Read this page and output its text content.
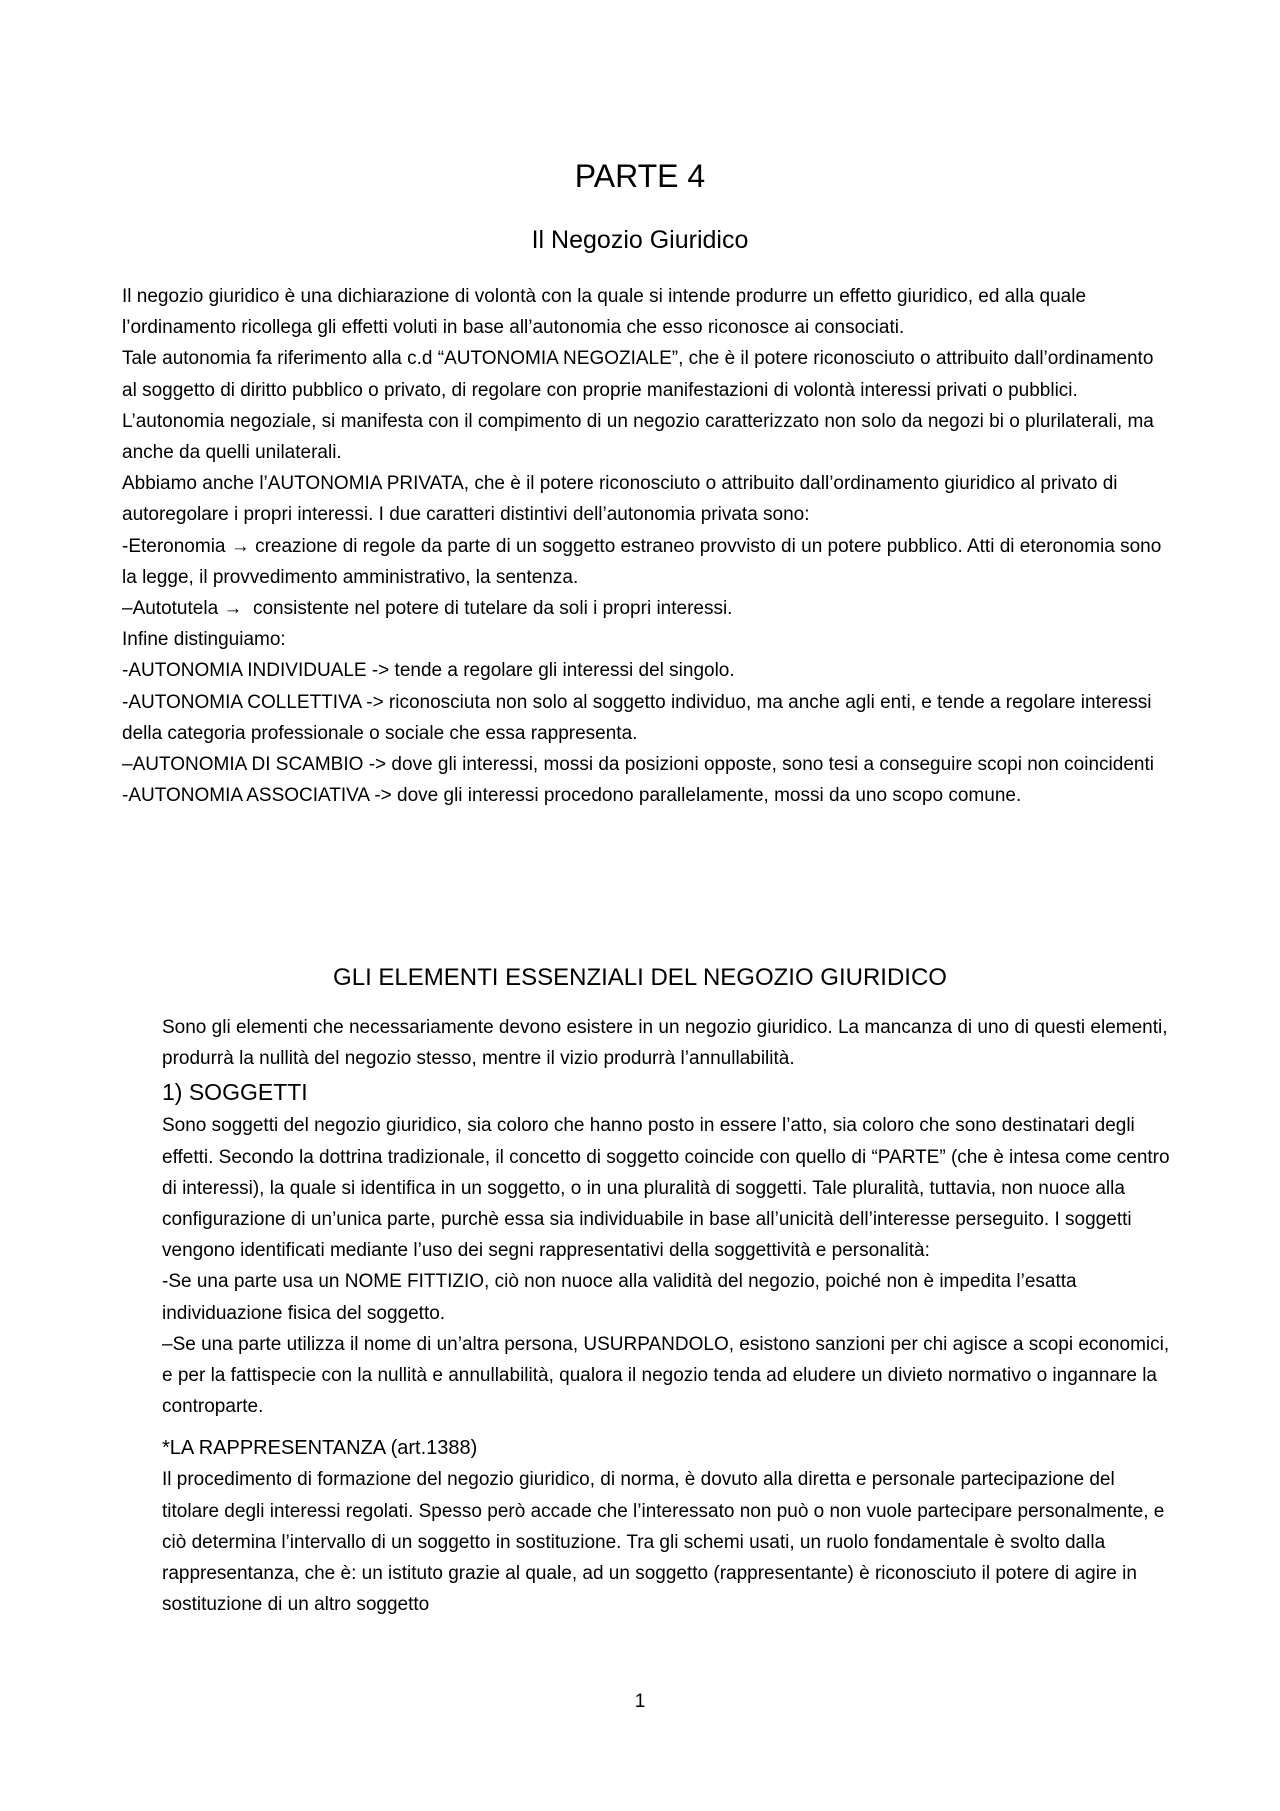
PARTE 4
Il Negozio Giuridico

Il negozio giuridico è una dichiarazione di volontà con la quale si intende produrre un effetto giuridico, ed alla quale l’ordinamento ricollega gli effetti voluti in base all’autonomia che esso riconosce ai consociati.

Tale autonomia fa riferimento alla c.d “AUTONOMIA NEGOZIALE”, che è il potere riconosciuto o attribuito dall’ordinamento al soggetto di diritto pubblico o privato, di regolare con proprie manifestazioni di volontà interessi privati o pubblici. L’autonomia negoziale, si manifesta con il compimento di un negozio caratterizzato non solo da negozi bi o plurilaterali, ma anche da quelli unilaterali.

Abbiamo anche l’AUTONOMIA PRIVATA, che è il potere riconosciuto o attribuito dall’ordinamento giuridico al privato di autoregolare i propri interessi. I due caratteri distintivi dell’autonomia privata sono:

-Eteronomia → creazione di regole da parte di un soggetto estraneo provvisto di un potere pubblico. Atti di eteronomia sono la legge, il provvedimento amministrativo, la sentenza.

–Autotutela → consistente nel potere di tutelare da soli i propri interessi.

Infine distinguiamo:

-AUTONOMIA INDIVIDUALE -> tende a regolare gli interessi del singolo.

-AUTONOMIA COLLETTIVA -> riconosciuta non solo al soggetto individuo, ma anche agli enti, e tende a regolare interessi della categoria professionale o sociale che essa rappresenta.

–AUTONOMIA DI SCAMBIO -> dove gli interessi, mossi da posizioni opposte, sono tesi a conseguire scopi non coincidenti

-AUTONOMIA ASSOCIATIVA -> dove gli interessi procedono parallelamente, mossi da uno scopo comune.

GLI ELEMENTI ESSENZIALI DEL NEGOZIO GIURIDICO

Sono gli elementi che necessariamente devono esistere in un negozio giuridico. La mancanza di uno di questi elementi, produrrà la nullità del negozio stesso, mentre il vizio produrrà l’annullabilità.

1) SOGGETTI

Sono soggetti del negozio giuridico, sia coloro che hanno posto in essere l’atto, sia coloro che sono destinatari degli effetti. Secondo la dottrina tradizionale, il concetto di soggetto coincide con quello di “PARTE” (che è intesa come centro di interessi), la quale si identifica in un soggetto, o in una pluralità di soggetti. Tale pluralità, tuttavia, non nuoce alla configurazione di un’unica parte, purchè essa sia individuabile in base all’unicità dell’interesse perseguito. I soggetti vengono identificati mediante l’uso dei segni rappresentativi della soggettività e personalità:

-Se una parte usa un NOME FITTIZIO, ciò non nuoce alla validità del negozio, poiché non è impedita l’esatta individuazione fisica del soggetto.

–Se una parte utilizza il nome di un’altra persona, USURPANDOLO, esistono sanzioni per chi agisce a scopi economici, e per la fattispecie con la nullità e annullabilità, qualora il negozio tenda ad eludere un divieto normativo o ingannare la controparte.

*LA RAPPRESENTANZA (art.1388)

Il procedimento di formazione del negozio giuridico, di norma, è dovuto alla diretta e personale partecipazione del titolare degli interessi regolati. Spesso però accade che l’interessato non può o non vuole partecipare personalmente, e ciò determina l’intervallo di un soggetto in sostituzione. Tra gli schemi usati, un ruolo fondamentale è svolto dalla rappresentanza, che è: un istituto grazie al quale, ad un soggetto (rappresentante) è riconosciuto il potere di agire in sostituzione di un altro soggetto

1
